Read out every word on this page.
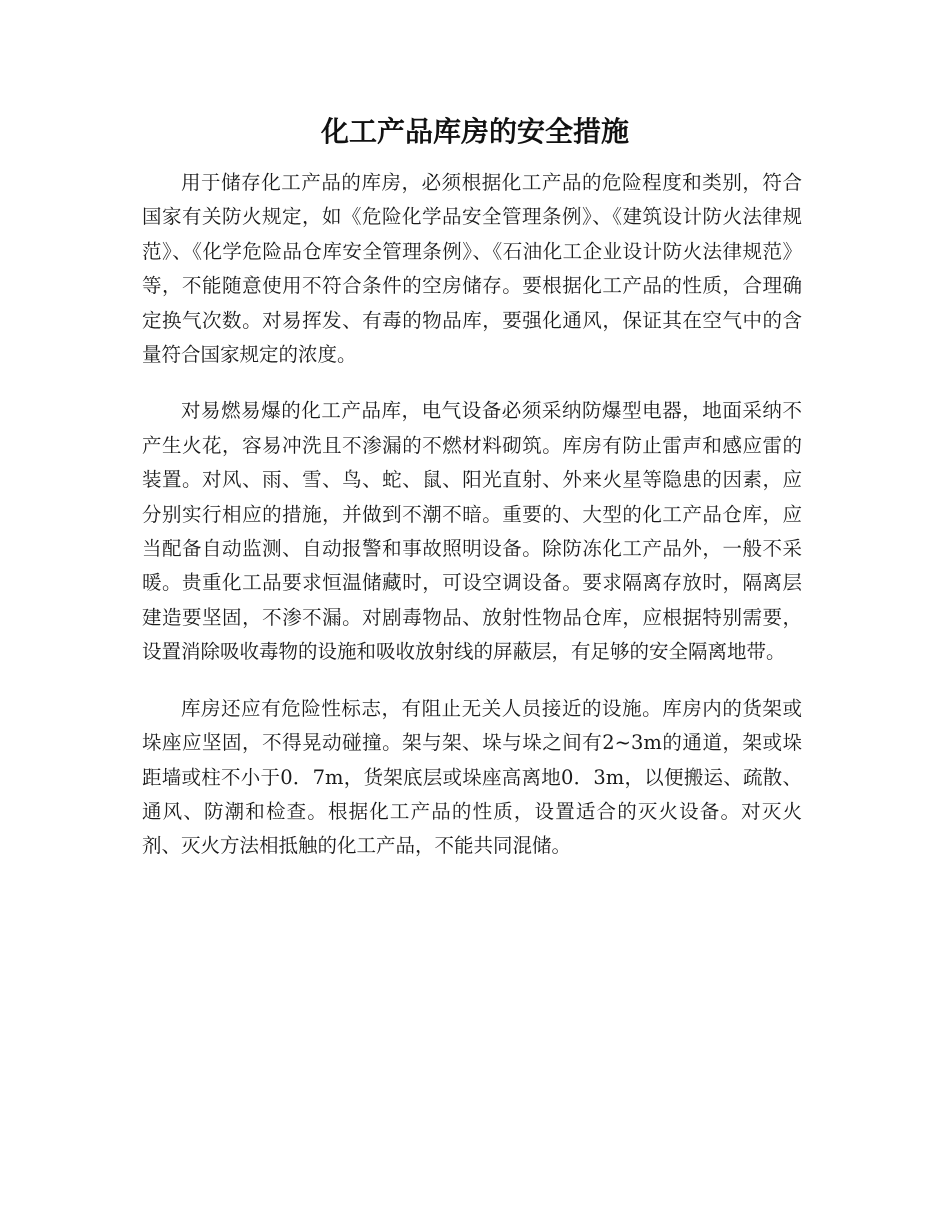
化工产品库房的安全措施

用于储存化工产品的库房，必须根据化工产品的危险程度和类别，符合国家有关防火规定，如《危险化学品安全管理条例》、《建筑设计防火法律规范》、《化学危险品仓库安全管理条例》、《石油化工企业设计防火法律规范》等，不能随意使用不符合条件的空房储存。要根据化工产品的性质，合理确定换气次数。对易挥发、有毒的物品库，要强化通风，保证其在空气中的含量符合国家规定的浓度。

对易燃易爆的化工产品库，电气设备必须采纳防爆型电器，地面采纳不产生火花，容易冲洗且不渗漏的不燃材料砌筑。库房有防止雷声和感应雷的装置。对风、雨、雪、鸟、蛇、鼠、阳光直射、外来火星等隐患的因素，应分别实行相应的措施，并做到不潮不暗。重要的、大型的化工产品仓库，应当配备自动监测、自动报警和事故照明设备。除防冻化工产品外，一般不采暖。贵重化工品要求恒温储藏时，可设空调设备。要求隔离存放时，隔离层建造要坚固，不渗不漏。对剧毒物品、放射性物品仓库，应根据特别需要，设置消除吸收毒物的设施和吸收放射线的屏蔽层，有足够的安全隔离地带。

库房还应有危险性标志，有阻止无关人员接近的设施。库房内的货架或垛座应坚固，不得晃动碰撞。架与架、垛与垛之间有2~3m的通道，架或垛距墙或柱不小于0．7m，货架底层或垛座高离地0．3m，以便搬运、疏散、通风、防潮和检查。根据化工产品的性质，设置适合的灭火设备。对灭火剂、灭火方法相抵触的化工产品，不能共同混储。
